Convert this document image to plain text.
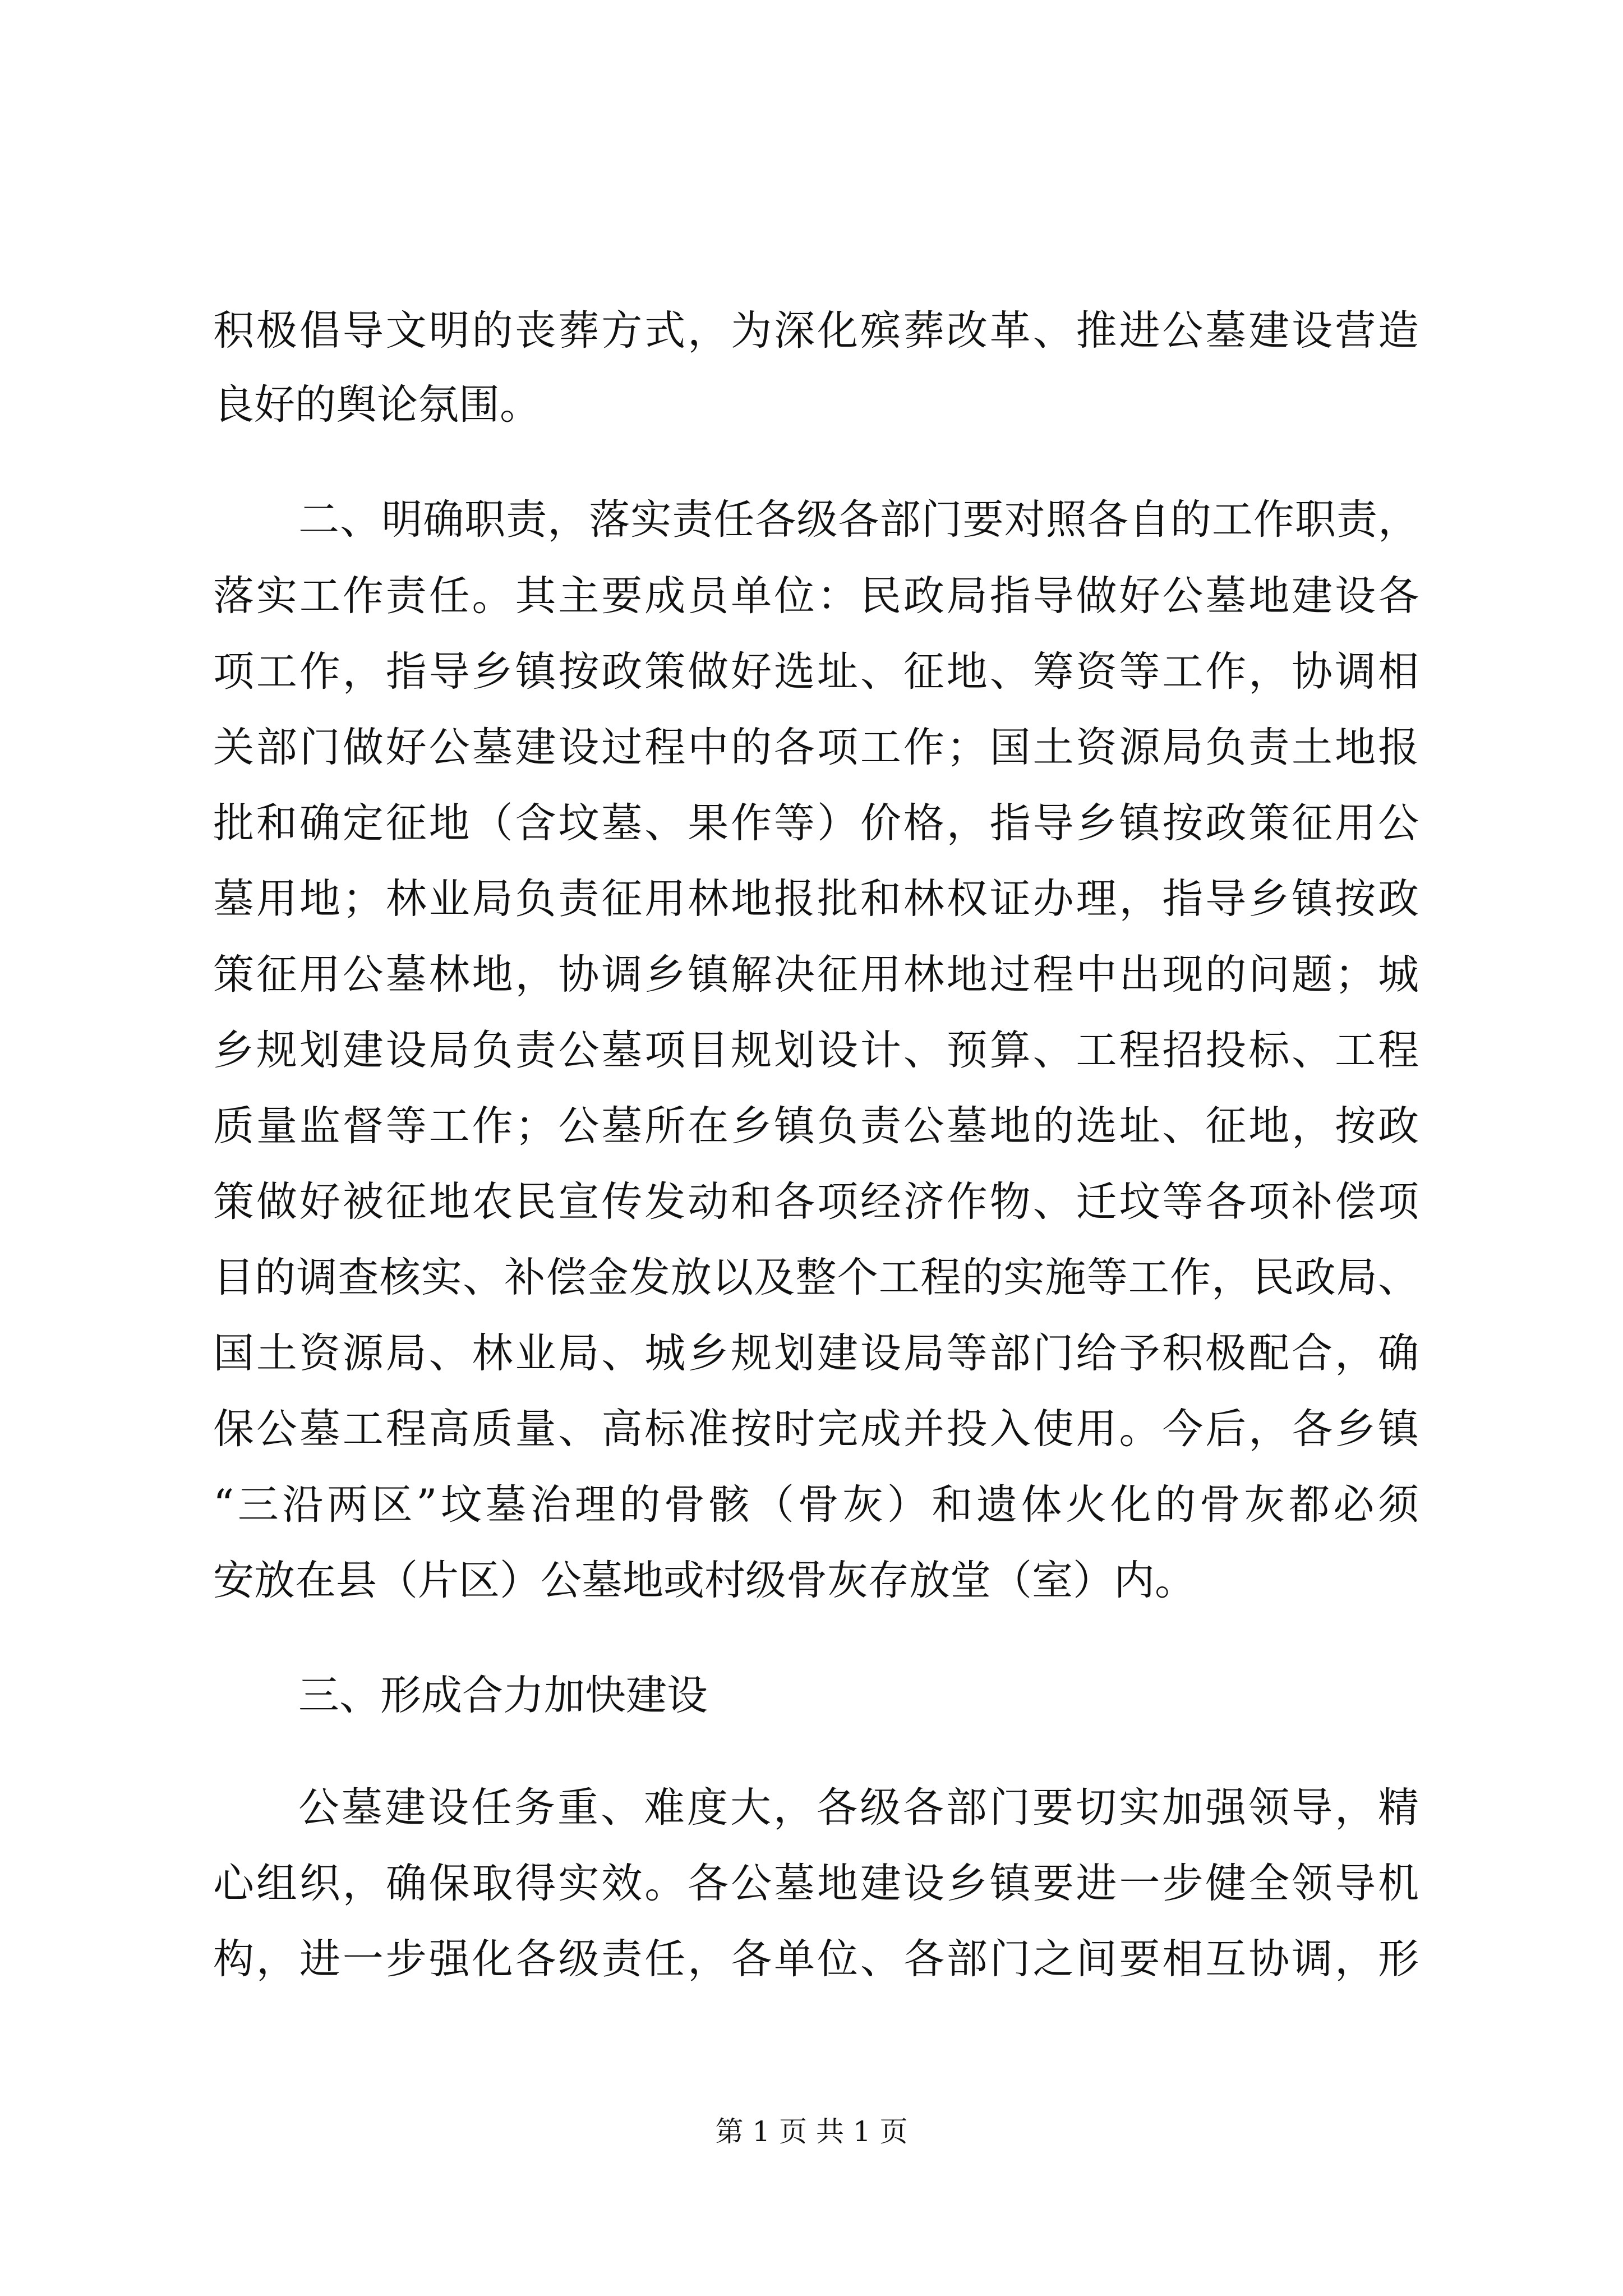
积极倡导文明的丧葬方式，为深化殡葬改革、推进公墓建设营造
良好的舆论氛围。
二、明确职责，落实责任各级各部门要对照各自的工作职责，
落实工作责任。其主要成员单位：民政局指导做好公墓地建设各
项工作，指导乡镇按政策做好选址、征地、筹资等工作，协调相
关部门做好公墓建设过程中的各项工作；国土资源局负责土地报
批和确定征地（含坟墓、果作等）价格，指导乡镇按政策征用公
墓用地；林业局负责征用林地报批和林权证办理，指导乡镇按政
策征用公墓林地，协调乡镇解决征用林地过程中出现的问题；城
乡规划建设局负责公墓项目规划设计、预算、工程招投标、工程
质量监督等工作；公墓所在乡镇负责公墓地的选址、征地，按政
策做好被征地农民宣传发动和各项经济作物、迁坟等各项补偿项
目的调查核实、补偿金发放以及整个工程的实施等工作，民政局、
国土资源局、林业局、城乡规划建设局等部门给予积极配合，确
保公墓工程高质量、高标准按时完成并投入使用。今后，各乡镇
“三沿两区”坟墓治理的骨骸（骨灰）和遗体火化的骨灰都必须
安放在县（片区）公墓地或村级骨灰存放堂（室）内。
三、形成合力加快建设
公墓建设任务重、难度大，各级各部门要切实加强领导，精
心组织，确保取得实效。各公墓地建设乡镇要进一步健全领导机
构，进一步强化各级责任，各单位、各部门之间要相互协调，形
第 1 页 共 1 页
